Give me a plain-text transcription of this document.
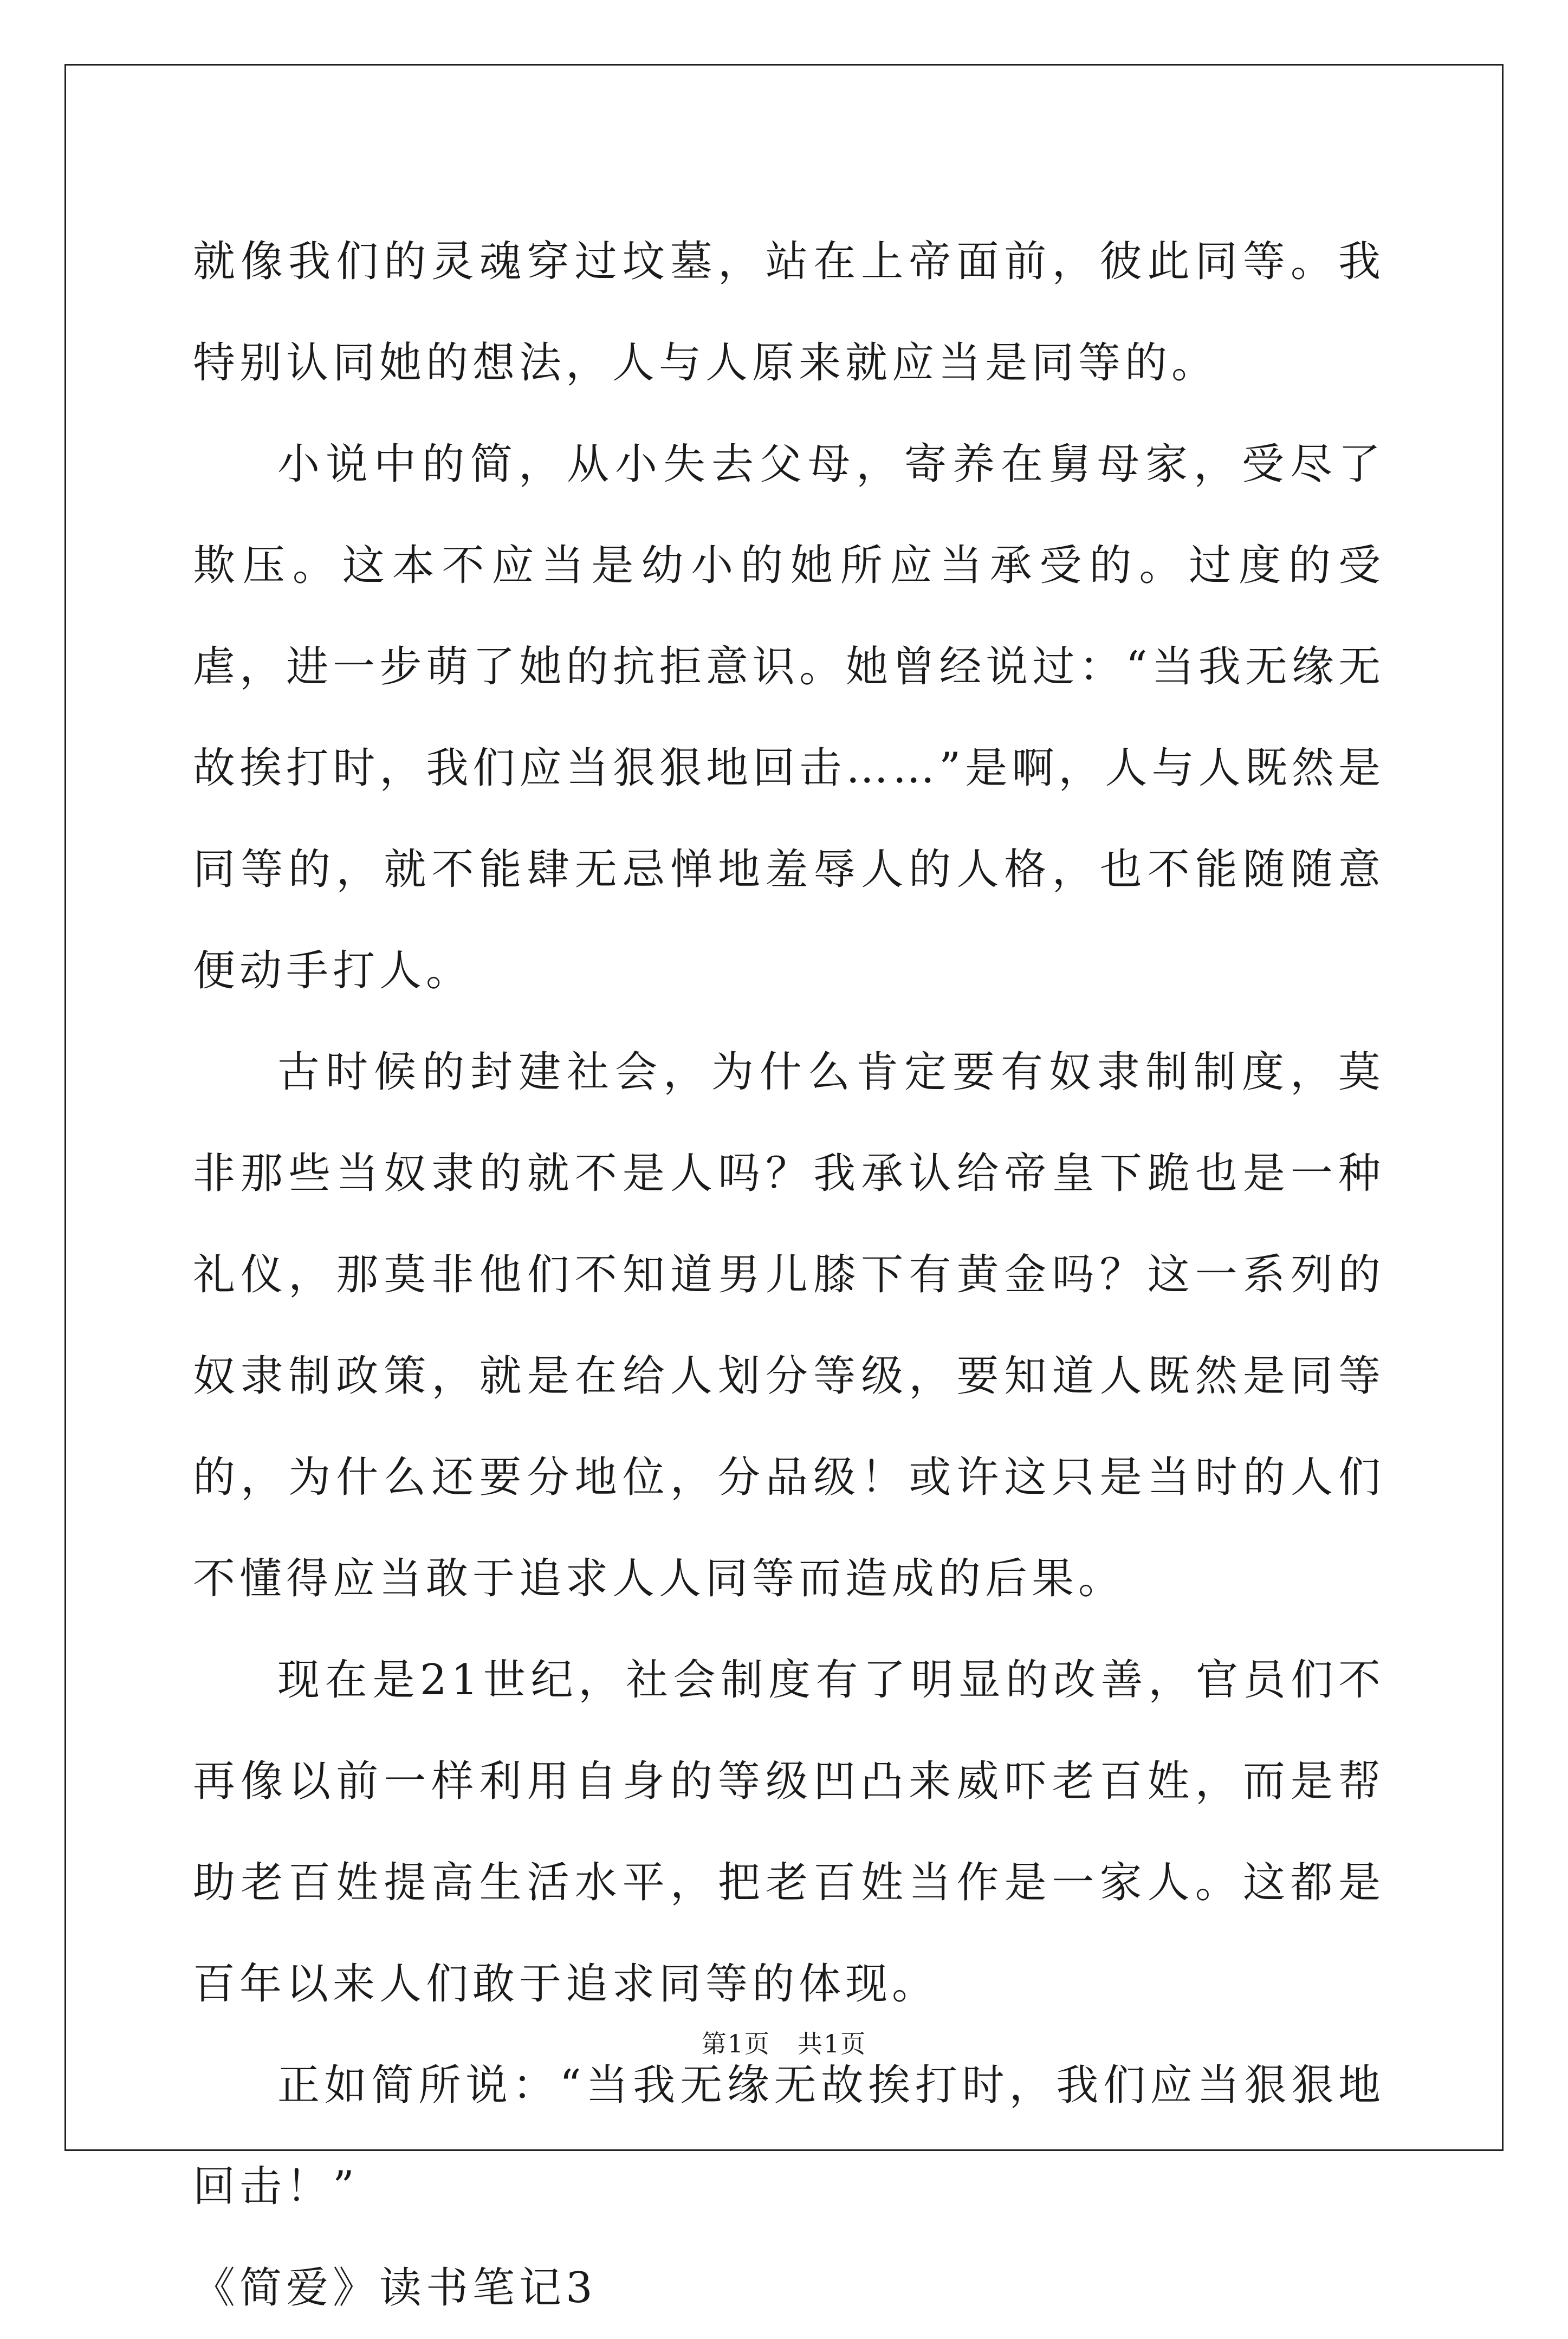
就像我们的灵魂穿过坟墓，站在上帝面前，彼此同等。我特别认同她的想法，人与人原来就应当是同等的。

小说中的简，从小失去父母，寄养在舅母家，受尽了欺压。这本不应当是幼小的她所应当承受的。过度的受虐，进一步萌了她的抗拒意识。她曾经说过：“当我无缘无故挨打时，我们应当狠狠地回击……”是啊，人与人既然是同等的，就不能肆无忌惮地羞辱人的人格，也不能随随意便动手打人。

古时候的封建社会，为什么肯定要有奴隶制制度，莫非那些当奴隶的就不是人吗？我承认给帝皇下跪也是一种礼仪，那莫非他们不知道男儿膝下有黄金吗？这一系列的奴隶制政策，就是在给人划分等级，要知道人既然是同等的，为什么还要分地位，分品级！或许这只是当时的人们不懂得应当敢于追求人人同等而造成的后果。

现在是21世纪，社会制度有了明显的改善，官员们不再像以前一样利用自身的等级凹凸来威吓老百姓，而是帮助老百姓提高生活水平，把老百姓当作是一家人。这都是百年以来人们敢于追求同等的体现。

正如简所说：“当我无缘无故挨打时，我们应当狠狠地回击！”

《简爱》读书笔记3

第1页 共1页
